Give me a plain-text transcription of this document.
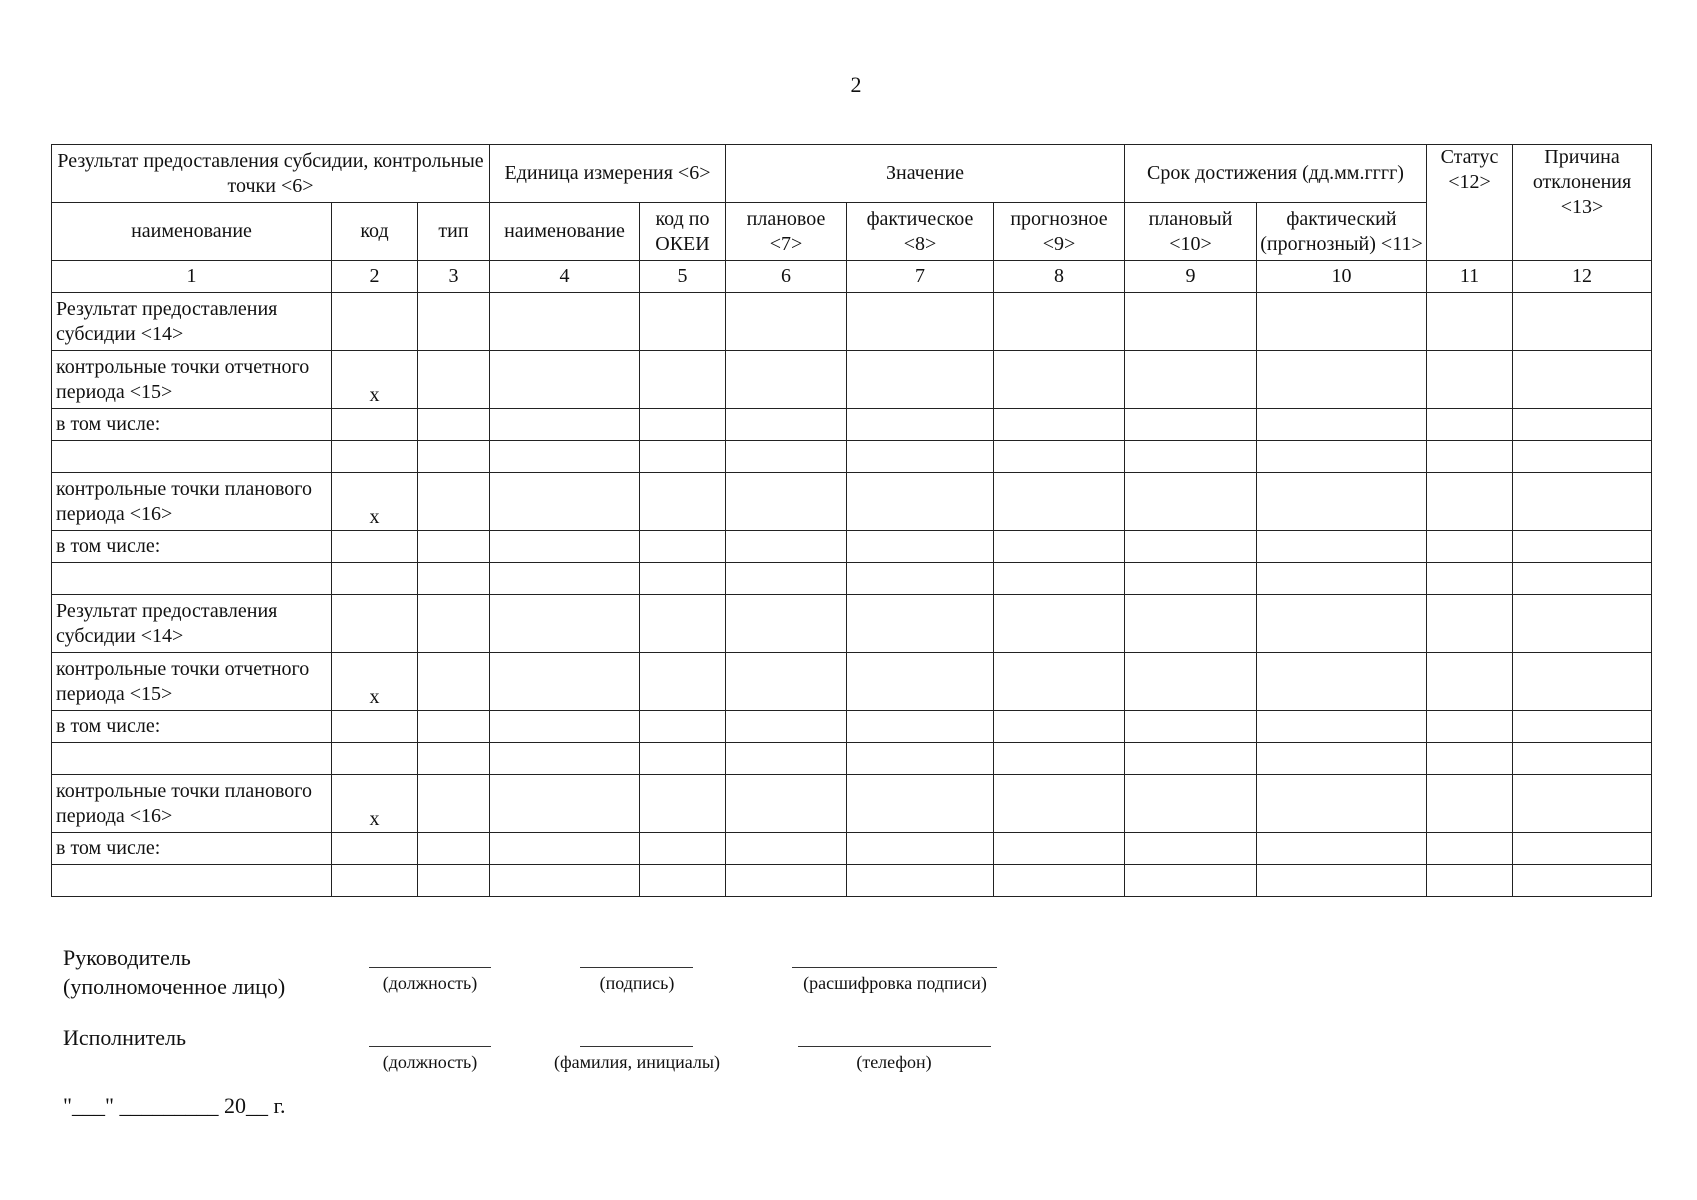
2
Результат предоставления субсидии, контрольные точки <6>			Единица измерения <6>		Значение			Срок достижения (дд.мм.гггг)		Статус <12>	Причина отклонения <13>
наименование	код	тип	наименование	код по ОКЕИ	плановое <7>	фактическое <8>	прогнозное <9>	плановый <10>	фактический (прогнозный) <11>		
1	2	3	4	5	6	7	8	9	10	11	12
Результат предоставления субсидии <14>											
контрольные точки отчетного периода <15>	x										
в том числе:											

контрольные точки планового периода <16>	x										
в том числе:											

Результат предоставления субсидии <14>											
контрольные точки отчетного периода <15>	x										
в том числе:											

контрольные точки планового периода <16>	x										
в том числе:											

Руководитель
(уполномоченное лицо)	(должность)	(подпись)	(расшифровка подписи)
Исполнитель
(должность)	(фамилия, инициалы)	(телефон)
"___" _________ 20__ г.
